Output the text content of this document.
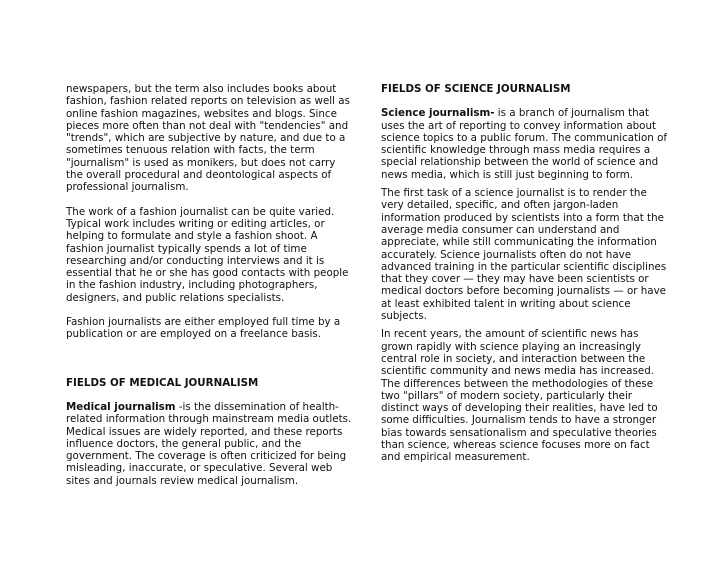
newspapers, but the term also includes books about fashion, fashion related reports on television as well as online fashion magazines, websites and blogs. Since pieces more often than not deal with "tendencies" and "trends", which are subjective by nature, and due to a sometimes tenuous relation with facts, the term "journalism" is used as monikers, but does not carry the overall procedural and deontological aspects of professional journalism.

The work of a fashion journalist can be quite varied. Typical work includes writing or editing articles, or helping to formulate and style a fashion shoot. A fashion journalist typically spends a lot of time researching and/or conducting interviews and it is essential that he or she has good contacts with people in the fashion industry, including photographers, designers, and public relations specialists.

Fashion journalists are either employed full time by a publication or are employed on a freelance basis.

FIELDS OF MEDICAL JOURNALISM

Medical journalism -is the dissemination of health-related information through mainstream media outlets. Medical issues are widely reported, and these reports influence doctors, the general public, and the government. The coverage is often criticized for being misleading, inaccurate, or speculative. Several web sites and journals review medical journalism.

FIELDS OF SCIENCE JOURNALISM

Science journalism- is a branch of journalism that uses the art of reporting to convey information about science topics to a public forum. The communication of scientific knowledge through mass media requires a special relationship between the world of science and news media, which is still just beginning to form.

The first task of a science journalist is to render the very detailed, specific, and often jargon-laden information produced by scientists into a form that the average media consumer can understand and appreciate, while still communicating the information accurately. Science journalists often do not have advanced training in the particular scientific disciplines that they cover — they may have been scientists or medical doctors before becoming journalists — or have at least exhibited talent in writing about science subjects.

In recent years, the amount of scientific news has grown rapidly with science playing an increasingly central role in society, and interaction between the scientific community and news media has increased. The differences between the methodologies of these two "pillars" of modern society, particularly their distinct ways of developing their realities, have led to some difficulties. Journalism tends to have a stronger bias towards sensationalism and speculative theories than science, whereas science focuses more on fact and empirical measurement.
